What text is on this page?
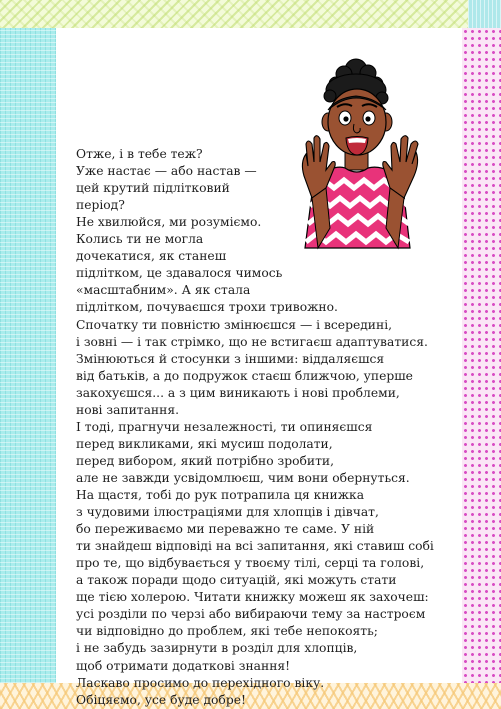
Отже, і в тебе теж?
Уже настає — або настав —
цей крутий підлітковий
період?
Не хвилюйся, ми розуміємо.
Колись ти не могла
дочекатися, як станеш
підлітком, це здавалося чимось
«масштабним». А як стала
підлітком, почуваєшся трохи тривожно.
Спочатку ти повністю змінюєшся — і всередині,
і зовні — і так стрімко, що не встигаєш адаптуватися.
Змінюються й стосунки з іншими: віддаляєшся
від батьків, а до подружок стаєш ближчою, уперше
закохуєшся... а з цим виникають і нові проблеми,
нові запитання.
І тоді, прагнучи незалежності, ти опиняєшся
перед викликами, які мусиш подолати,
перед вибором, який потрібно зробити,
але не завжди усвідомлюєш, чим вони обернуться.
На щастя, тобі до рук потрапила ця книжка
з чудовими ілюстраціями для хлопців і дівчат,
бо переживаємо ми переважно те саме. У ній
ти знайдеш відповіді на всі запитання, які ставиш собі
про те, що відбувається у твоєму тілі, серці та голові,
а також поради щодо ситуацій, які можуть стати
ще тією холерою. Читати книжку можеш як захочеш:
усі розділи по черзі або вибираючи тему за настроєм
чи відповідно до проблем, які тебе непокоять;
і не забудь зазирнути в розділ для хлопців,
щоб отримати додаткові знання!
Ласкаво просимо до перехідного віку.
Обіцяємо, усе буде добре!
